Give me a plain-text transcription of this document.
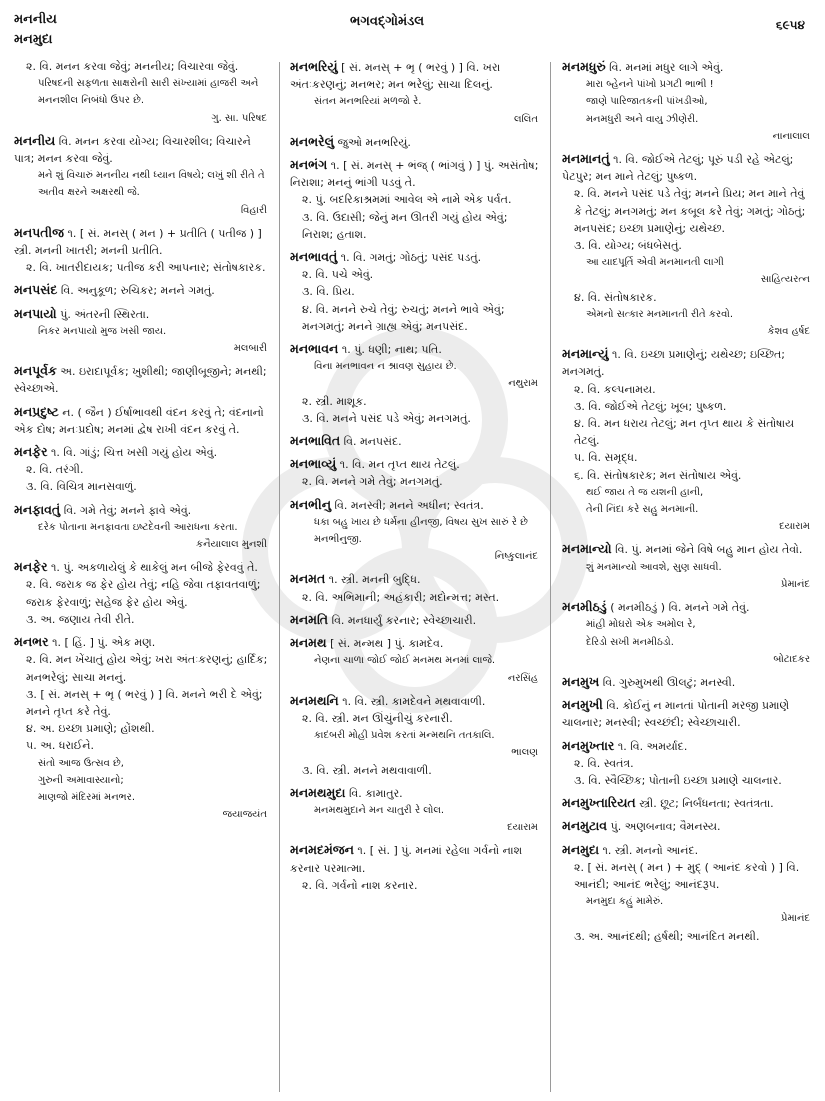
મનનીય
મનમુદા
ભગવદ્ગોમંડલ	૬૯૫૪

૨. વિ. મનન કરવા જેવું; મનનીય; વિચારવા જેવું.

પરિષદની સફળતા સાક્ષરોની સારી સંખ્યામાં હાજરી અને મનનશીલ નિબંધો ઉપર છે.

ગુ. સા. પરિષદ

મનનીય વિ. મનન કરવા યોગ્ય; વિચારશીલ; વિચારને પાત્ર; મનન કરવા જેવું.

મને શું વિચારું મનનીય નથી ધ્યાન વિષયે; લખું શી રીતે તે અતીવ ક્ષરને અક્ષરથી જે.

વિહારી

મનપતીજ ૧. [ સં. મનસ્ ( મન ) + પ્રતીતિ ( પતીજ ) ] સ્ત્રી. મનની ખાતરી; મનની પ્રતીતિ.

૨. વિ. ખાતરીદાયક; પતીજ કરી આપનાર; સંતોષકારક.

મનપસંદ વિ. અનુકૂળ; રુચિકર; મનને ગમતું.

મનપાયો પું. અંતરની સ્થિરતા.

નિકર મનપાયો મુજ ખસી જાય.

મલબારી

મનપૂર્વક અ. ઇરાદાપૂર્વક; ખુશીથી; જાણીબૂજીને; મનથી; સ્વેચ્છાએ.

મનપ્રદુષ્ટ ન. ( જૈન ) ઈર્ષાભાવથી વંદન કરવું તે; વંદનાનો એક દોષ; મનઃપ્રદોષ; મનમાં દ્વેષ રાખી વંદન કરવું તે.

મનફેર ૧. વિ. ગાંડું; ચિત્ત ખસી ગયું હોય એવું.

૨. વિ. તરંગી.

૩. વિ. વિચિત્ર માનસવાળું.

મનફાવતું વિ. ગમે તેવું; મનને ફાવે એવું.

દરેક પોતાના મનફાવતા ઇષ્ટદેવની આરાધના કરતા.

કનૈયાલાલ મુનશી

મનફેર ૧. પું. અકળાયેલું કે થાકેલું મન બીજે ફેરવવું તે.

૨. વિ. જરાક જ ફેર હોય તેવું; નહિ જેવા તફાવતવાળું; જરાક ફેરવાળું; સહેજ ફેર હોય એવું.

૩. અ. જણાય તેવી રીતે.

મનભર ૧. [ હિં. ] પું. એક મણ.

૨. વિ. મન ખેંચાતું હોય એવું; ખરા અંતઃકરણનું; હાર્દિક; મનભરેલું; સાચા મનનું.

૩. [ સં. મનસ્ + ભૃ ( ભરવું ) ] વિ. મનને ભરી દે એવું; મનને તૃપ્ત કરે તેવું.

૪. અ. ઇચ્છા પ્રમાણે; હોંશથી.

૫. અ. ધરાઈને.

સંતો આજ ઉત્સવ છે,

ગુરુની અમાવાસ્યાનો;

માણજો મંદિરમાં મનભર.

જયાજયંત

મનભરિયું [ સં. મનસ્ + ભૃ ( ભરવું ) ] વિ. ખરા અંતઃકરણનું; મનભર; મન ભરેલું; સાચા દિલનું.

સંતન મનભરિયાં મળજો રે.

લલિત

મનભરેલું જુઓ મનભરિયું.

મનભંગ ૧. [ સં. મનસ્ + ભંજ્ ( ભાંગવું ) ] પું. અસંતોષ; નિરાશા; મનનું ભાંગી પડવું તે.

૨. પું. બદરિકાશ્રમમાં આવેલ એ નામે એક પર્વત.

૩. વિ. ઉદાસી; જેનું મન ઊતરી ગયું હોય એવું; નિરાશ; હતાશ.

મનભાવતું ૧. વિ. ગમતું; ગોઠતું; પસંદ પડતું.

૨. વિ. પચે એવું.

૩. વિ. પ્રિય.

૪. વિ. મનને રુચે તેવું; રુચતું; મનને ભાવે એવું; મનગમતું; મનને ગ્રાહ્ય એવું; મનપસંદ.

મનભાવન ૧. પું. ધણી; નાથ; પતિ.

વિના મનભાવન ન શ્રાવણ સુહાય છે.

નથુરામ

૨. સ્ત્રી. માશૂક.

૩. વિ. મનને પસંદ પડે એવું; મનગમતું.

મનભાવિત વિ. મનપસંદ.

મનભાવ્યું ૧. વિ. મન તૃપ્ત થાય તેટલું.

૨. વિ. મનને ગમે તેવું; મનગમતું.

મનભીનુ વિ. મનસ્વી; મનને અધીન; સ્વતંત્ર.

ધકા બહુ ખાય છે ધર્મના હીનજી, વિષય સુખ સારું રે છે મનભીનુજી.

નિષ્કુલાનંદ

મનમત ૧. સ્ત્રી. મનની બુદ્ધિ.

૨. વિ. અભિમાની; અહંકારી; મદોન્મત્ત; મસ્ત.

મનમતિ વિ. મનધાર્યું કરનાર; સ્વેચ્છાચારી.

મનમથ [ સં. મન્મથ ] પું. કામદેવ.

નેણના ચાળા જોઈ જોઈ મનમથ મનમાં લાજે.

નરસિંહ

મનમથનિ ૧. વિ. સ્ત્રી. કામદેવને મથવાવાળી.

૨. વિ. સ્ત્રી. મન ઊંચુંનીચું કરનારી.

કાદંબરી મોહી પ્રવેશ કરતાં મન્મથનિ તતકાલિ.

ભાલણ

૩. વિ. સ્ત્રી. મનને મથવાવાળી.

મનમથમુદા વિ. કામાતુર.

મનમથમુદાને મન ચાતુરી રે લોલ.

દયારામ

મનમદમંજન ૧. [ સં. ] પું. મનમાં રહેલા ગર્વનો નાશ કરનાર પરમાત્મા.

૨. વિ. ગર્વનો નાશ કરનાર.

મનમધુરું વિ. મનમાં મધુર લાગે એવું.

મારા બ્હેનને પાંખો પ્રગટી ભાભી !

જાણે પારિજાતકની પાંખડીઓ,

મનમધુરી અને વાયુ ઝીણેરી.

નાનાલાલ

મનમાનતું ૧. વિ. જોઈએ તેટલું; પૂરું પડી રહે એટલું; પેટપુર; મન માને તેટલું; પુષ્કળ.

૨. વિ. મનને પસંદ પડે તેવું; મનને પ્રિય; મન માને તેવું કે તેટલું; મનગમતું; મન કબૂલ કરે તેવું; ગમતું; ગોઠતું; મનપસંદ; ઇચ્છા પ્રમાણેનું; યથેચ્છ.

૩. વિ. યોગ્ય; બંધબેસતું.

આ યાદપૂર્તિ એવી મનમાનતી લાગી

સાહિત્યરત્ન

૪. વિ. સંતોષકારક.

એમનો સત્કાર મનમાનતી રીતે કરવો.

કેશવ હર્ષદ

મનમાન્યું ૧. વિ. ઇચ્છા પ્રમાણેનું; યથેચ્છ; ઇચ્છિત; મનગમતું.

૨. વિ. કલ્પનામય.

૩. વિ. જોઈએ તેટલું; ખૂબ; પુષ્કળ.

૪. વિ. મન ધરાય તેટલું; મન તૃપ્ત થાય કે સંતોષાય તેટલું.

૫. વિ. સમૃદ્ધ.

૬. વિ. સંતોષકારક; મન સંતોષાય એવું.

થઈ જાય તે જ યશની હાની,

તેની નિંદા કરે સહુ મનમાની.

દયારામ

મનમાન્યો વિ. પું. મનમાં જેને વિષે બહુ માન હોય તેવો.

શું મનમાન્યો આવશે, સુણ સાધવી.

પ્રેમાનંદ

મનમીઠડું ( મનમીઠડું ) વિ. મનને ગમે તેવું.

માંહી મોઘરો એક અમોલ રે,

દેરિડો સખી મનમીઠડો.

બોટાદકર

મનમુખ વિ. ગુરુમુખથી ઊલટું; મનસ્વી.

મનમુખી વિ. કોઈનું ન માનતાં પોતાની મરજી પ્રમાણે ચાલનાર; મનસ્વી; સ્વચ્છંદી; સ્વેચ્છાચારી.

મનમુખ્તાર ૧. વિ. અમર્યાદ.

૨. વિ. સ્વતંત્ર.

૩. વિ. સ્વૈચ્છિક; પોતાની ઇચ્છા પ્રમાણે ચાલનાર.

મનમુખ્તારિયત સ્ત્રી. છૂટ; નિર્બંધનતા; સ્વતંત્રતા.

મનમુટાવ પું. અણબનાવ; વૈમનસ્ય.

મનમુદા ૧. સ્ત્રી. મનનો આનંદ.

૨. [ સં. મનસ્ ( મન ) + મુદ્ ( આનંદ કરવો ) ] વિ. આનંદી; આનંદ ભરેલું; આનંદરૂપ.

મનમુદા કહું મામેરું.

પ્રેમાનંદ

૩. અ. આનંદથી; હર્ષથી; આનંદિત મનથી.
